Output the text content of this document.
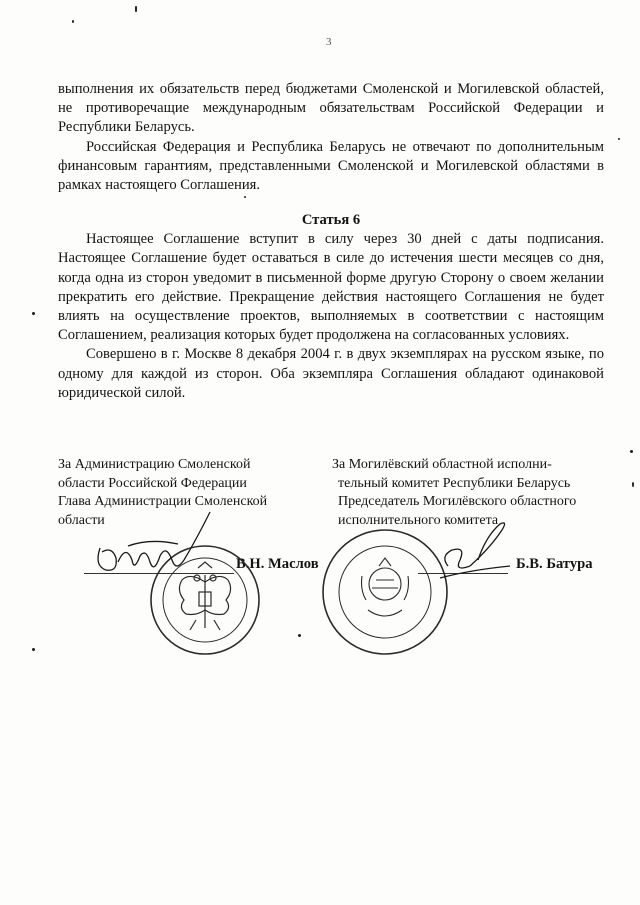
3

выполнения их обязательств перед бюджетами Смоленской и Могилевской областей, не противоречащие международным обязательствам Российской Федерации и Республики Беларусь.

Российская Федерация и Республика Беларусь не отвечают по дополнительным финансовым гарантиям, представленными Смоленской и Могилевской областями в рамках настоящего Соглашения.

Статья 6

Настоящее Соглашение вступит в силу через 30 дней с даты подписания. Настоящее Соглашение будет оставаться в силе до истечения шести месяцев со дня, когда одна из сторон уведомит в письменной форме другую Сторону о своем желании прекратить его действие. Прекращение действия настоящего Соглашения не будет влиять на осуществление проектов, выполняемых в соответствии с настоящим Соглашением, реализация которых будет продолжена на согласованных условиях.

Совершено в г. Москве 8 декабря 2004 г. в двух экземплярах на русском языке, по одному для каждой из сторон. Оба экземпляра Соглашения обладают одинаковой юридической силой.

За Администрацию Смоленской
области Российской Федерации
Глава Администрации Смоленской
области
За Могилёвский областной исполни-
тельный комитет Республики Беларусь
Председатель Могилёвского областного
исполнительного комитета
В.Н. Маслов	Б.В. Батура
